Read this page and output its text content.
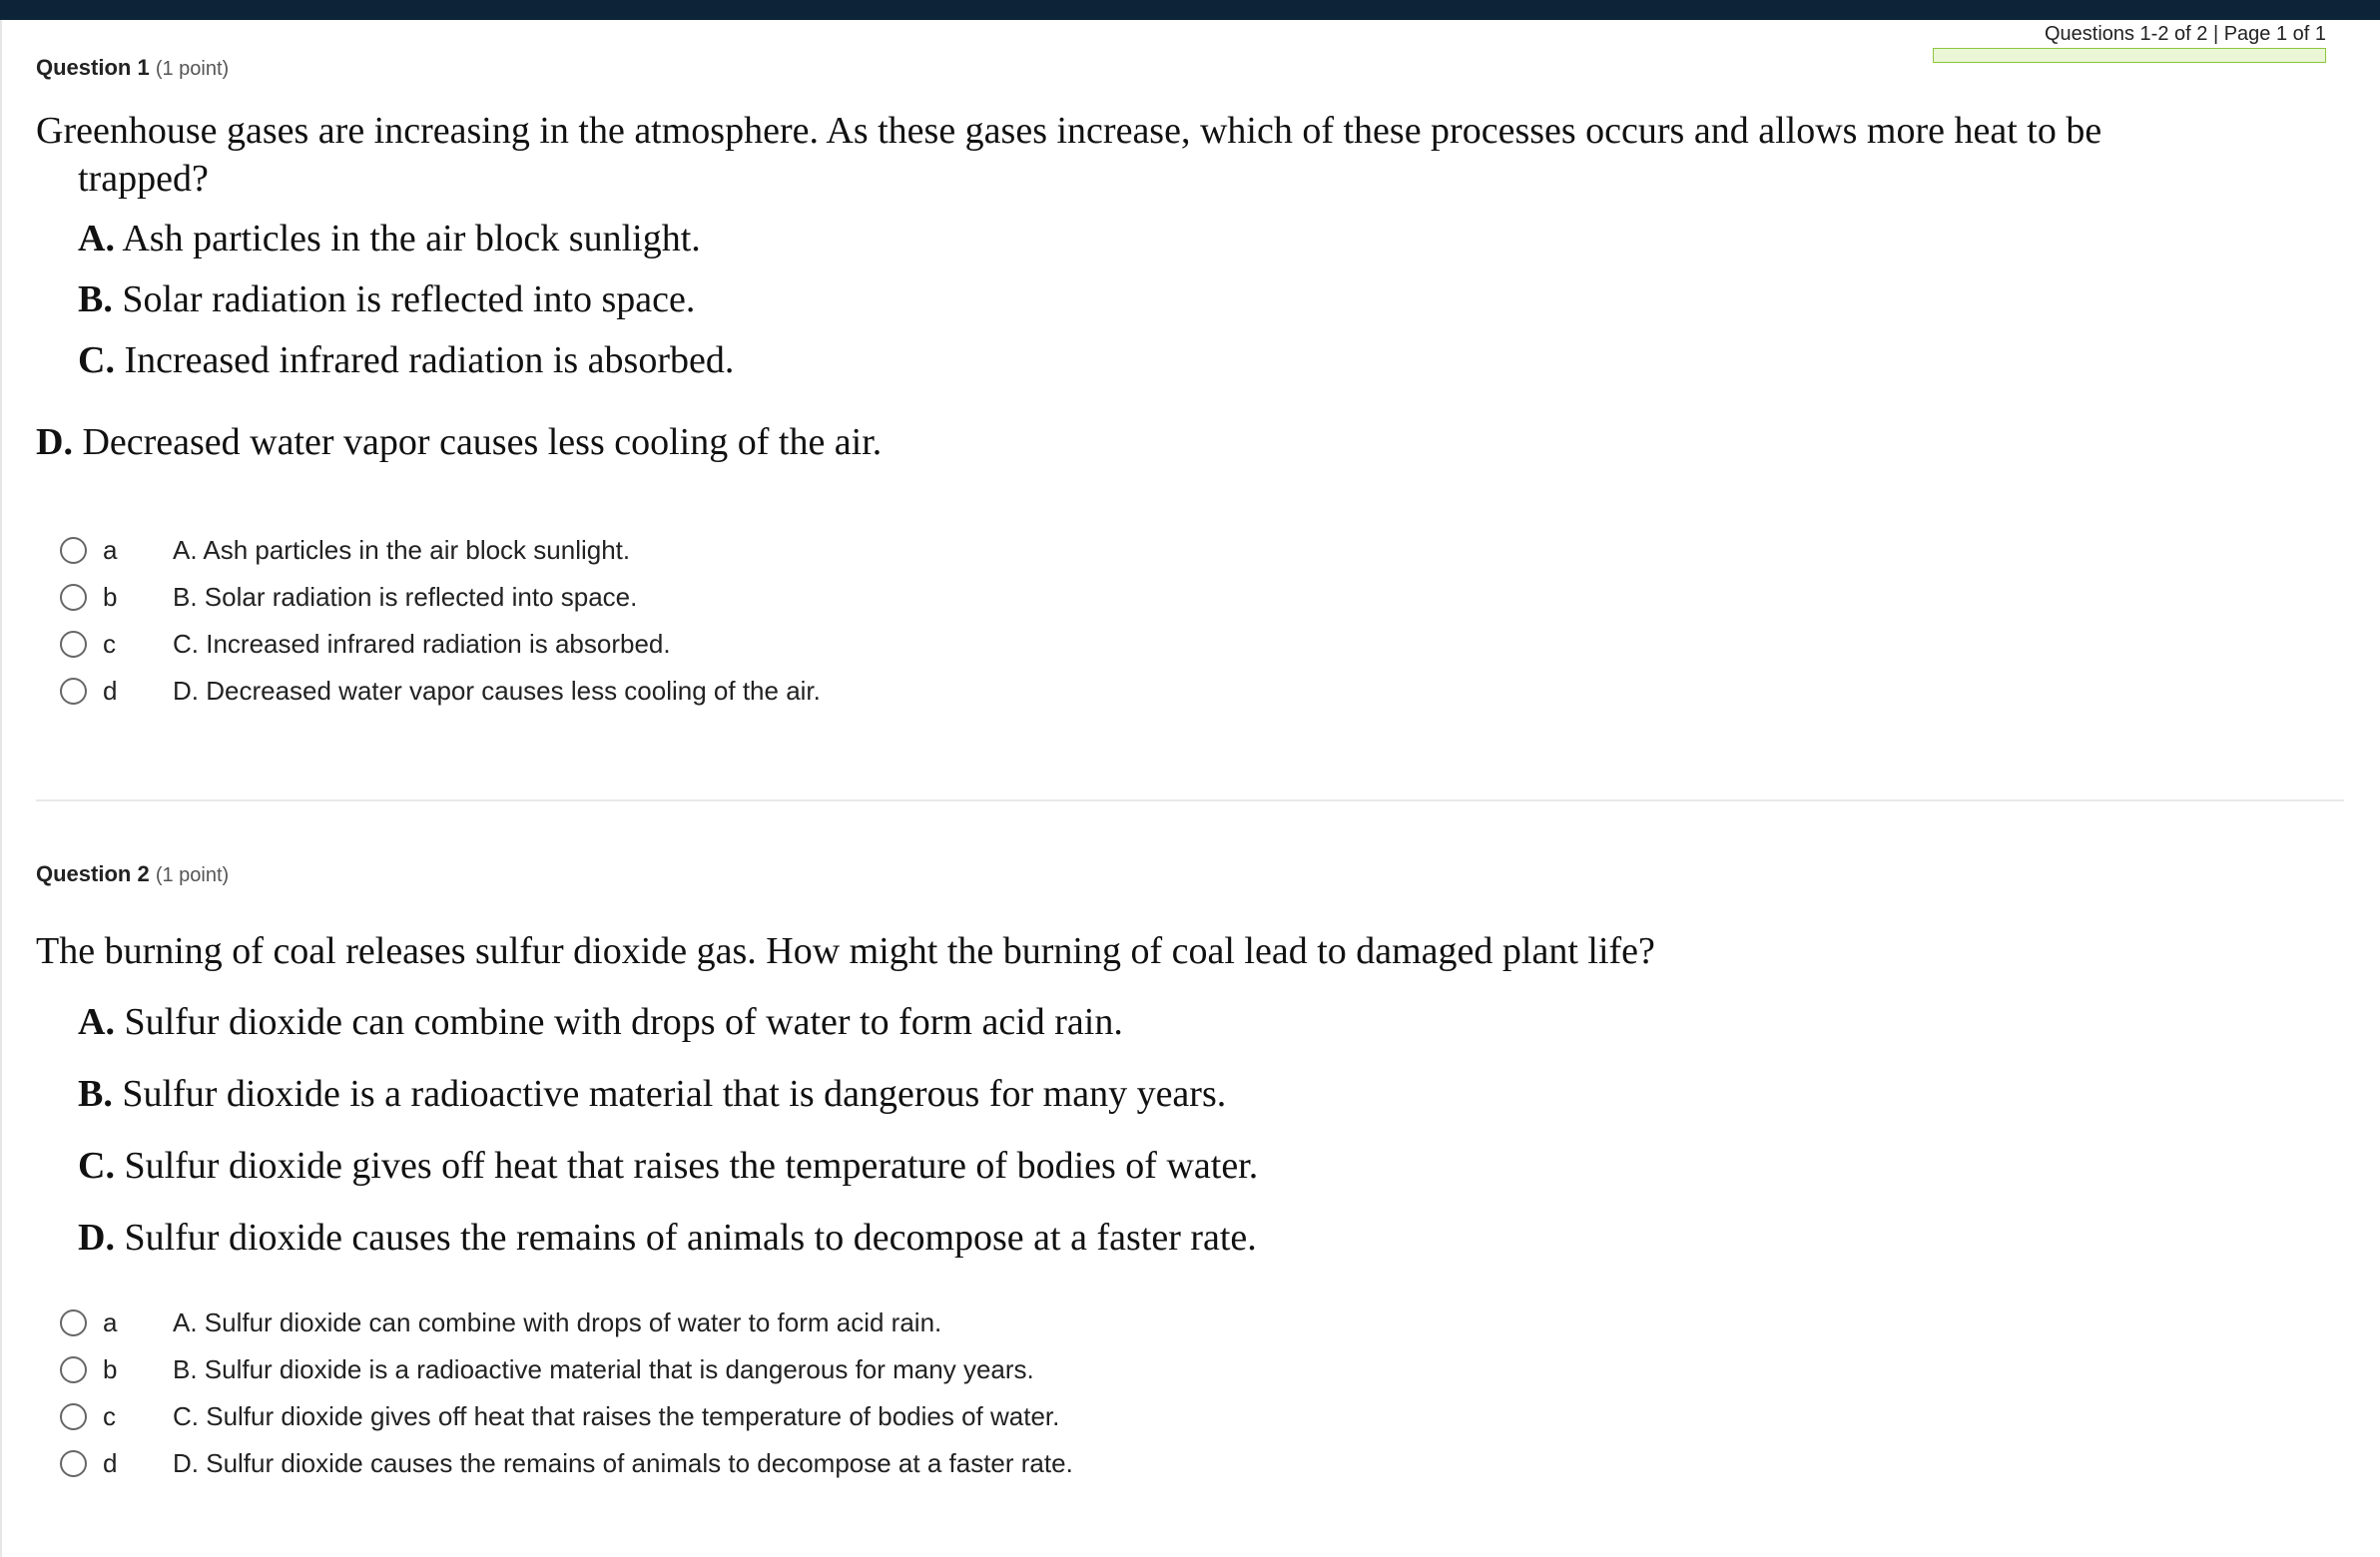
Questions 1-2 of 2 | Page 1 of 1
Question 1 (1 point)
Greenhouse gases are increasing in the atmosphere. As these gases increase, which of these processes occurs and allows more heat to be
trapped?
A. Ash particles in the air block sunlight.
B. Solar radiation is reflected into space.
C. Increased infrared radiation is absorbed.
D. Decreased water vapor causes less cooling of the air.
a	A. Ash particles in the air block sunlight.
b	B. Solar radiation is reflected into space.
c	C. Increased infrared radiation is absorbed.
d	D. Decreased water vapor causes less cooling of the air.
Question 2 (1 point)
The burning of coal releases sulfur dioxide gas. How might the burning of coal lead to damaged plant life?
A. Sulfur dioxide can combine with drops of water to form acid rain.
B. Sulfur dioxide is a radioactive material that is dangerous for many years.
C. Sulfur dioxide gives off heat that raises the temperature of bodies of water.
D. Sulfur dioxide causes the remains of animals to decompose at a faster rate.
a	A. Sulfur dioxide can combine with drops of water to form acid rain.
b	B. Sulfur dioxide is a radioactive material that is dangerous for many years.
c	C. Sulfur dioxide gives off heat that raises the temperature of bodies of water.
d	D. Sulfur dioxide causes the remains of animals to decompose at a faster rate.
